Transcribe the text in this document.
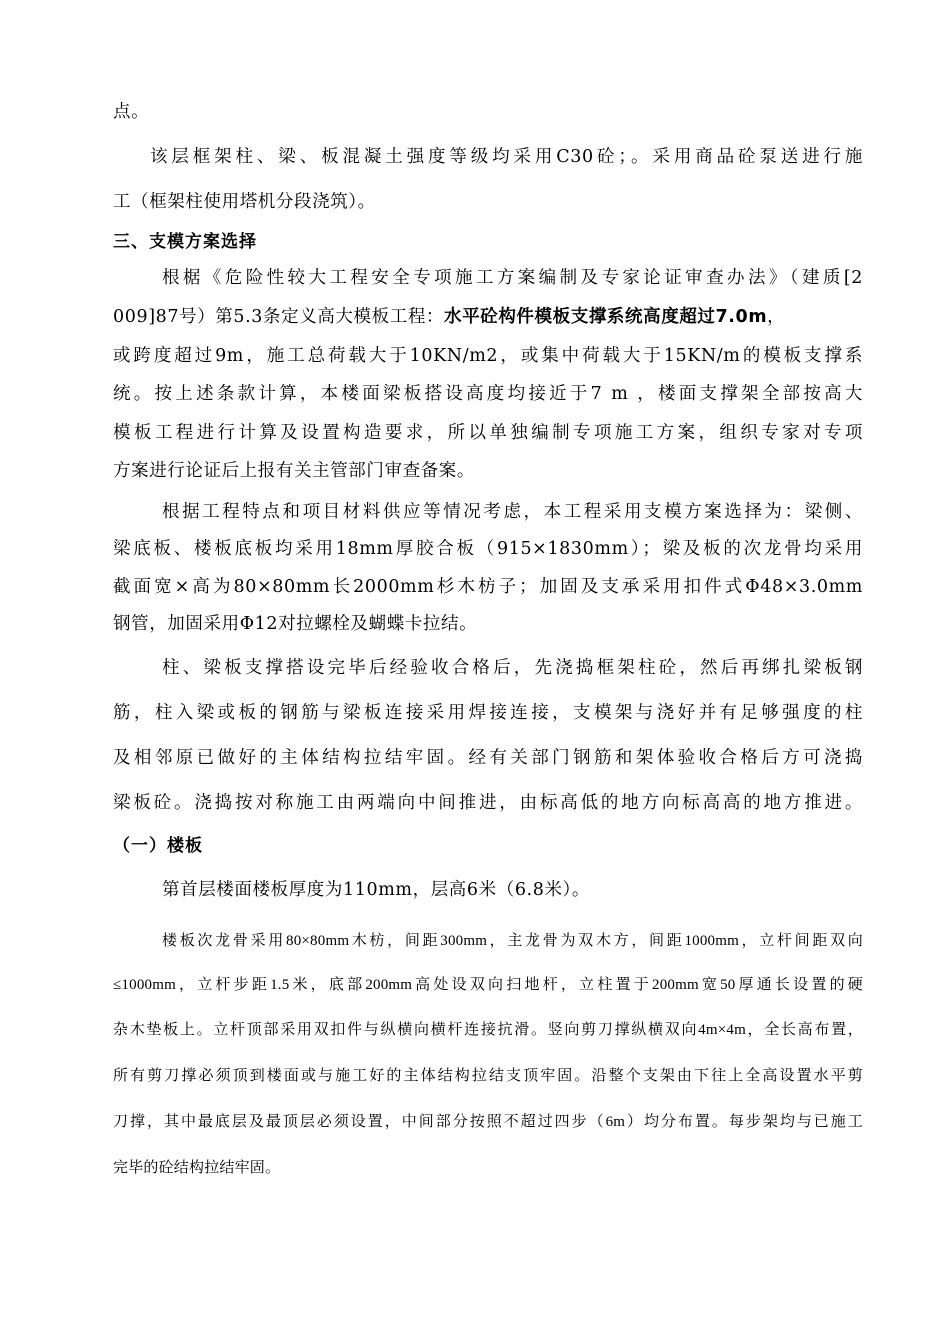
点。
该层框架柱、梁、板混凝土强度等级均采用C30砼；。采用商品砼泵送进行施
工（框架柱使用塔机分段浇筑）。
三、支模方案选择
根椐《危险性较大工程安全专项施工方案编制及专家论证审查办法》（建质[2
009]87号）第5.3条定义高大模板工程：水平砼构件模板支撑系统高度超过7.0m，
或跨度超过9m，施工总荷载大于10KN/m2，或集中荷载大于15KN/m的模板支撑系
统。按上述条款计算，本楼面梁板搭设高度均接近于7 m ，楼面支撑架全部按高大
模板工程进行计算及设置构造要求，所以单独编制专项施工方案，组织专家对专项
方案进行论证后上报有关主管部门审查备案。
根据工程特点和项目材料供应等情况考虑，本工程采用支模方案选择为：梁侧、
梁底板、楼板底板均采用18mm厚胶合板（915×1830mm）；梁及板的次龙骨均采用
截面宽×高为80×80mm长2000mm杉木枋子；加固及支承采用扣件式Φ48×3.0mm
钢管，加固采用Φ12对拉螺栓及蝴蝶卡拉结。
柱、梁板支撑搭设完毕后经验收合格后，先浇捣框架柱砼，然后再绑扎梁板钢
筋，柱入梁或板的钢筋与梁板连接采用焊接连接，支模架与浇好并有足够强度的柱
及相邻原已做好的主体结构拉结牢固。经有关部门钢筋和架体验收合格后方可浇捣
梁板砼。浇捣按对称施工由两端向中间推进，由标高低的地方向标高高的地方推进。
（一）楼板
第首层楼面楼板厚度为110mm，层高6米（6.8米）。
楼板次龙骨采用80×80mm木枋，间距300mm，主龙骨为双木方，间距1000mm，立杆间距双向
≤1000mm，立杆步距1.5米，底部200mm高处设双向扫地杆，立柱置于200mm宽50厚通长设置的硬
杂木垫板上。立杆顶部采用双扣件与纵横向横杆连接抗滑。竖向剪刀撑纵横双向4m×4m，全长高布置，
所有剪刀撑必须顶到楼面或与施工好的主体结构拉结支顶牢固。沿整个支架由下往上全高设置水平剪
刀撑，其中最底层及最顶层必须设置，中间部分按照不超过四步（6m）均分布置。每步架均与已施工
完毕的砼结构拉结牢固。
